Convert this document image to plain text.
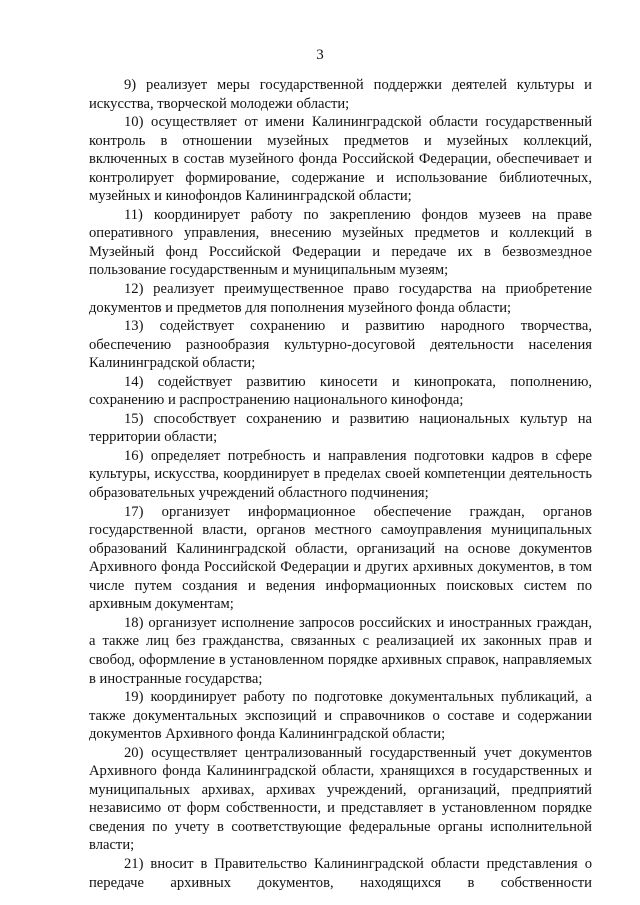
3

9) реализует меры государственной поддержки деятелей культуры и искусства, творческой молодежи области;

10) осуществляет от имени Калининградской области государственный контроль в отношении музейных предметов и музейных коллекций, включенных в состав музейного фонда Российской Федерации, обеспечивает и контролирует формирование, содержание и использование библиотечных, музейных и кинофондов Калининградской области;

11) координирует работу по закреплению фондов музеев на праве оперативного управления, внесению музейных предметов и коллекций в Музейный фонд Российской Федерации и передаче их в безвозмездное пользование государственным и муниципальным музеям;

12) реализует преимущественное право государства на приобретение документов и предметов для пополнения музейного фонда области;

13) содействует сохранению и развитию народного творчества, обеспечению разнообразия культурно-досуговой деятельности населения Калининградской области;

14) содействует развитию киносети и кинопроката, пополнению, сохранению и распространению национального кинофонда;

15) способствует сохранению и развитию национальных культур на территории области;

16) определяет потребность и направления подготовки кадров в сфере культуры, искусства, координирует в пределах своей компетенции деятельность образовательных учреждений областного подчинения;

17) организует информационное обеспечение граждан, органов государственной власти, органов местного самоуправления муниципальных образований Калининградской области, организаций на основе документов Архивного фонда Российской Федерации и других архивных документов, в том числе путем создания и ведения информационных поисковых систем по архивным документам;

18) организует исполнение запросов российских и иностранных граждан, а также лиц без гражданства, связанных с реализацией их законных прав и свобод, оформление в установленном порядке архивных справок, направляемых в иностранные государства;

19) координирует работу по подготовке документальных публикаций, а также документальных экспозиций и справочников о составе и содержании документов Архивного фонда Калининградской области;

20) осуществляет централизованный государственный учет документов Архивного фонда Калининградской области, хранящихся в государственных и муниципальных архивах, архивах учреждений, организаций, предприятий независимо от форм собственности, и представляет в установленном порядке сведения по учету в соответствующие федеральные органы исполнительной власти;

21) вносит в Правительство Калининградской области представления о передаче архивных документов, находящихся в собственности
